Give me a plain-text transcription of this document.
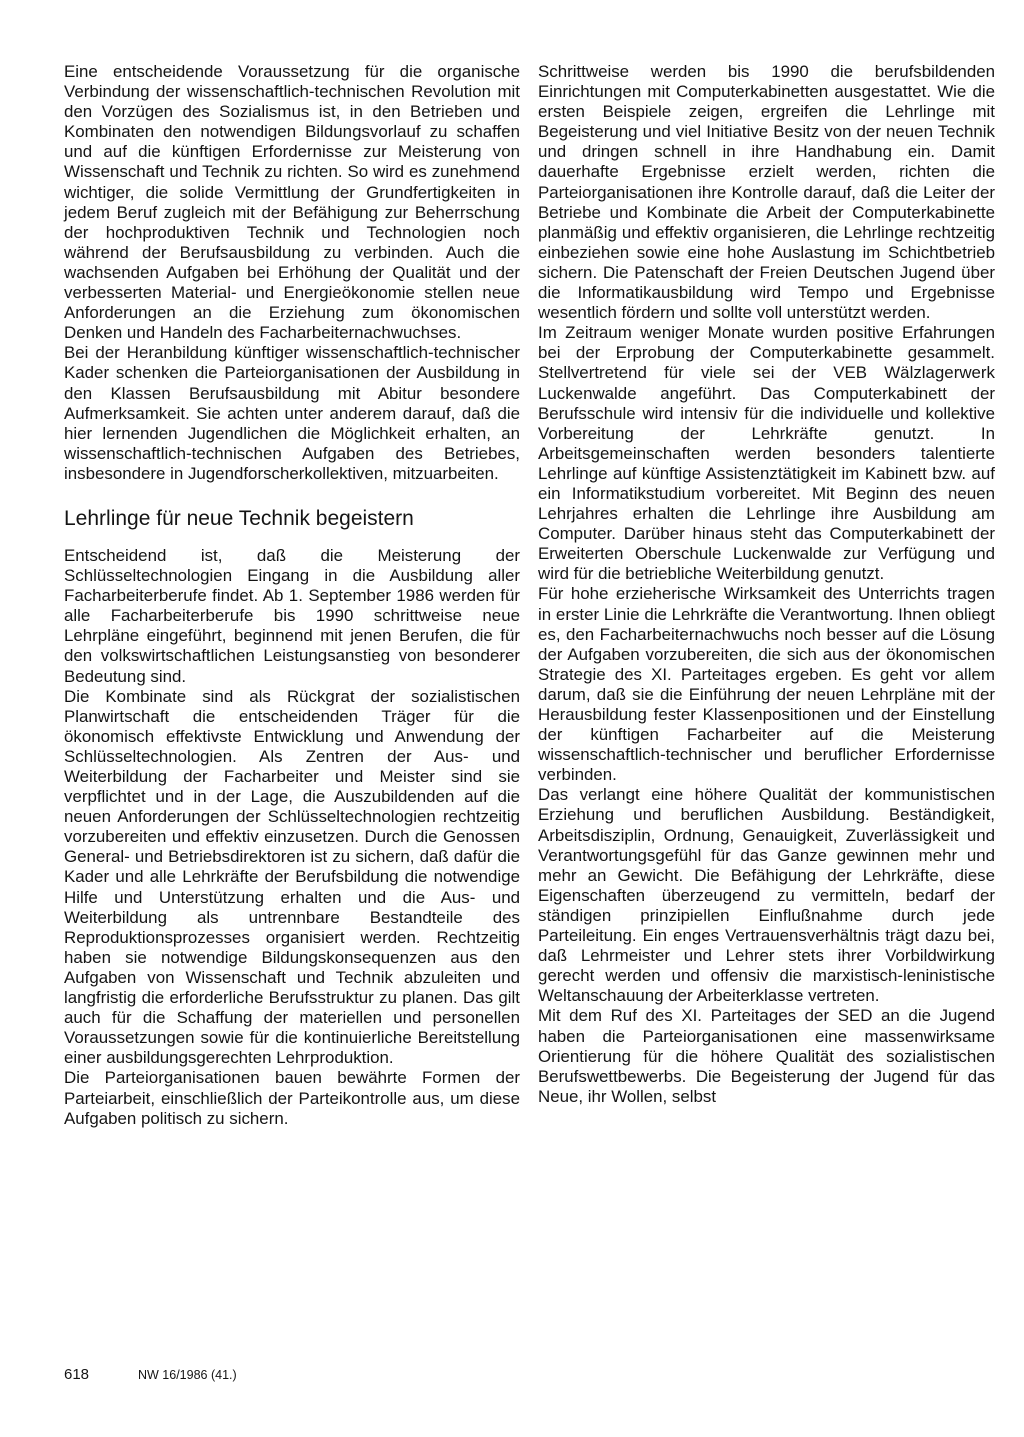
Eine entscheidende Voraussetzung für die organische Verbindung der wissenschaftlich-technischen Revolution mit den Vorzügen des Sozialismus ist, in den Betrieben und Kombinaten den notwendigen Bildungsvorlauf zu schaffen und auf die künftigen Erfordernisse zur Meisterung von Wissenschaft und Technik zu richten. So wird es zunehmend wichtiger, die solide Vermittlung der Grundfertigkeiten in jedem Beruf zugleich mit der Befähigung zur Beherrschung der hochproduktiven Technik und Technologien noch während der Berufsausbildung zu verbinden. Auch die wachsenden Aufgaben bei Erhöhung der Qualität und der verbesserten Material- und Energieökonomie stellen neue Anforderungen an die Erziehung zum ökonomischen Denken und Handeln des Facharbeiternachwuchses.

Bei der Heranbildung künftiger wissenschaftlich-technischer Kader schenken die Parteiorganisationen der Ausbildung in den Klassen Berufsausbildung mit Abitur besondere Aufmerksamkeit. Sie achten unter anderem darauf, daß die hier lernenden Jugendlichen die Möglichkeit erhalten, an wissenschaftlich-technischen Aufgaben des Betriebes, insbesondere in Jugendforscherkollektiven, mitzuarbeiten.

Lehrlinge für neue Technik begeistern

Entscheidend ist, daß die Meisterung der Schlüsseltechnologien Eingang in die Ausbildung aller Facharbeiterberufe findet. Ab 1. September 1986 werden für alle Facharbeiterberufe bis 1990 schrittweise neue Lehrpläne eingeführt, beginnend mit jenen Berufen, die für den volkswirtschaftlichen Leistungsanstieg von besonderer Bedeutung sind.

Die Kombinate sind als Rückgrat der sozialistischen Planwirtschaft die entscheidenden Träger für die ökonomisch effektivste Entwicklung und Anwendung der Schlüsseltechnologien. Als Zentren der Aus- und Weiterbildung der Facharbeiter und Meister sind sie verpflichtet und in der Lage, die Auszubildenden auf die neuen Anforderungen der Schlüsseltechnologien rechtzeitig vorzubereiten und effektiv einzusetzen. Durch die Genossen General- und Betriebsdirektoren ist zu sichern, daß dafür die Kader und alle Lehrkräfte der Berufsbildung die notwendige Hilfe und Unterstützung erhalten und die Aus- und Weiterbildung als untrennbare Bestandteile des Reproduktionsprozesses organisiert werden. Rechtzeitig haben sie notwendige Bildungskonsequenzen aus den Aufgaben von Wissenschaft und Technik abzuleiten und langfristig die erforderliche Berufsstruktur zu planen. Das gilt auch für die Schaffung der materiellen und personellen Voraussetzungen sowie für die kontinuierliche Bereitstellung einer ausbildungsgerechten Lehrproduktion.

Die Parteiorganisationen bauen bewährte Formen der Parteiarbeit, einschließlich der Parteikontrolle aus, um diese Aufgaben politisch zu sichern.

Schrittweise werden bis 1990 die berufsbildenden Einrichtungen mit Computerkabinetten ausgestattet. Wie die ersten Beispiele zeigen, ergreifen die Lehrlinge mit Begeisterung und viel Initiative Besitz von der neuen Technik und dringen schnell in ihre Handhabung ein. Damit dauerhafte Ergebnisse erzielt werden, richten die Parteiorganisationen ihre Kontrolle darauf, daß die Leiter der Betriebe und Kombinate die Arbeit der Computerkabinette planmäßig und effektiv organisieren, die Lehrlinge rechtzeitig einbeziehen sowie eine hohe Auslastung im Schichtbetrieb sichern. Die Patenschaft der Freien Deutschen Jugend über die Informatikausbildung wird Tempo und Ergebnisse wesentlich fördern und sollte voll unterstützt werden.

Im Zeitraum weniger Monate wurden positive Erfahrungen bei der Erprobung der Computerkabinette gesammelt. Stellvertretend für viele sei der VEB Wälzlagerwerk Luckenwalde angeführt. Das Computerkabinett der Berufsschule wird intensiv für die individuelle und kollektive Vorbereitung der Lehrkräfte genutzt. In Arbeitsgemeinschaften werden besonders talentierte Lehrlinge auf künftige Assistenztätigkeit im Kabinett bzw. auf ein Informatikstudium vorbereitet. Mit Beginn des neuen Lehrjahres erhalten die Lehrlinge ihre Ausbildung am Computer. Darüber hinaus steht das Computerkabinett der Erweiterten Oberschule Luckenwalde zur Verfügung und wird für die betriebliche Weiterbildung genutzt.

Für hohe erzieherische Wirksamkeit des Unterrichts tragen in erster Linie die Lehrkräfte die Verantwortung. Ihnen obliegt es, den Facharbeiternachwuchs noch besser auf die Lösung der Aufgaben vorzubereiten, die sich aus der ökonomischen Strategie des XI. Parteitages ergeben. Es geht vor allem darum, daß sie die Einführung der neuen Lehrpläne mit der Herausbildung fester Klassenpositionen und der Einstellung der künftigen Facharbeiter auf die Meisterung wissenschaftlich-technischer und beruflicher Erfordernisse verbinden.

Das verlangt eine höhere Qualität der kommunistischen Erziehung und beruflichen Ausbildung. Beständigkeit, Arbeitsdisziplin, Ordnung, Genauigkeit, Zuverlässigkeit und Verantwortungsgefühl für das Ganze gewinnen mehr und mehr an Gewicht. Die Befähigung der Lehrkräfte, diese Eigenschaften überzeugend zu vermitteln, bedarf der ständigen prinzipiellen Einflußnahme durch jede Parteileitung. Ein enges Vertrauensverhältnis trägt dazu bei, daß Lehrmeister und Lehrer stets ihrer Vorbildwirkung gerecht werden und offensiv die marxistisch-leninistische Weltanschauung der Arbeiterklasse vertreten.

Mit dem Ruf des XI. Parteitages der SED an die Jugend haben die Parteiorganisationen eine massenwirksame Orientierung für die höhere Qualität des sozialistischen Berufswettbewerbs. Die Begeisterung der Jugend für das Neue, ihr Wollen, selbst

618	NW 16/1986 (41.)
